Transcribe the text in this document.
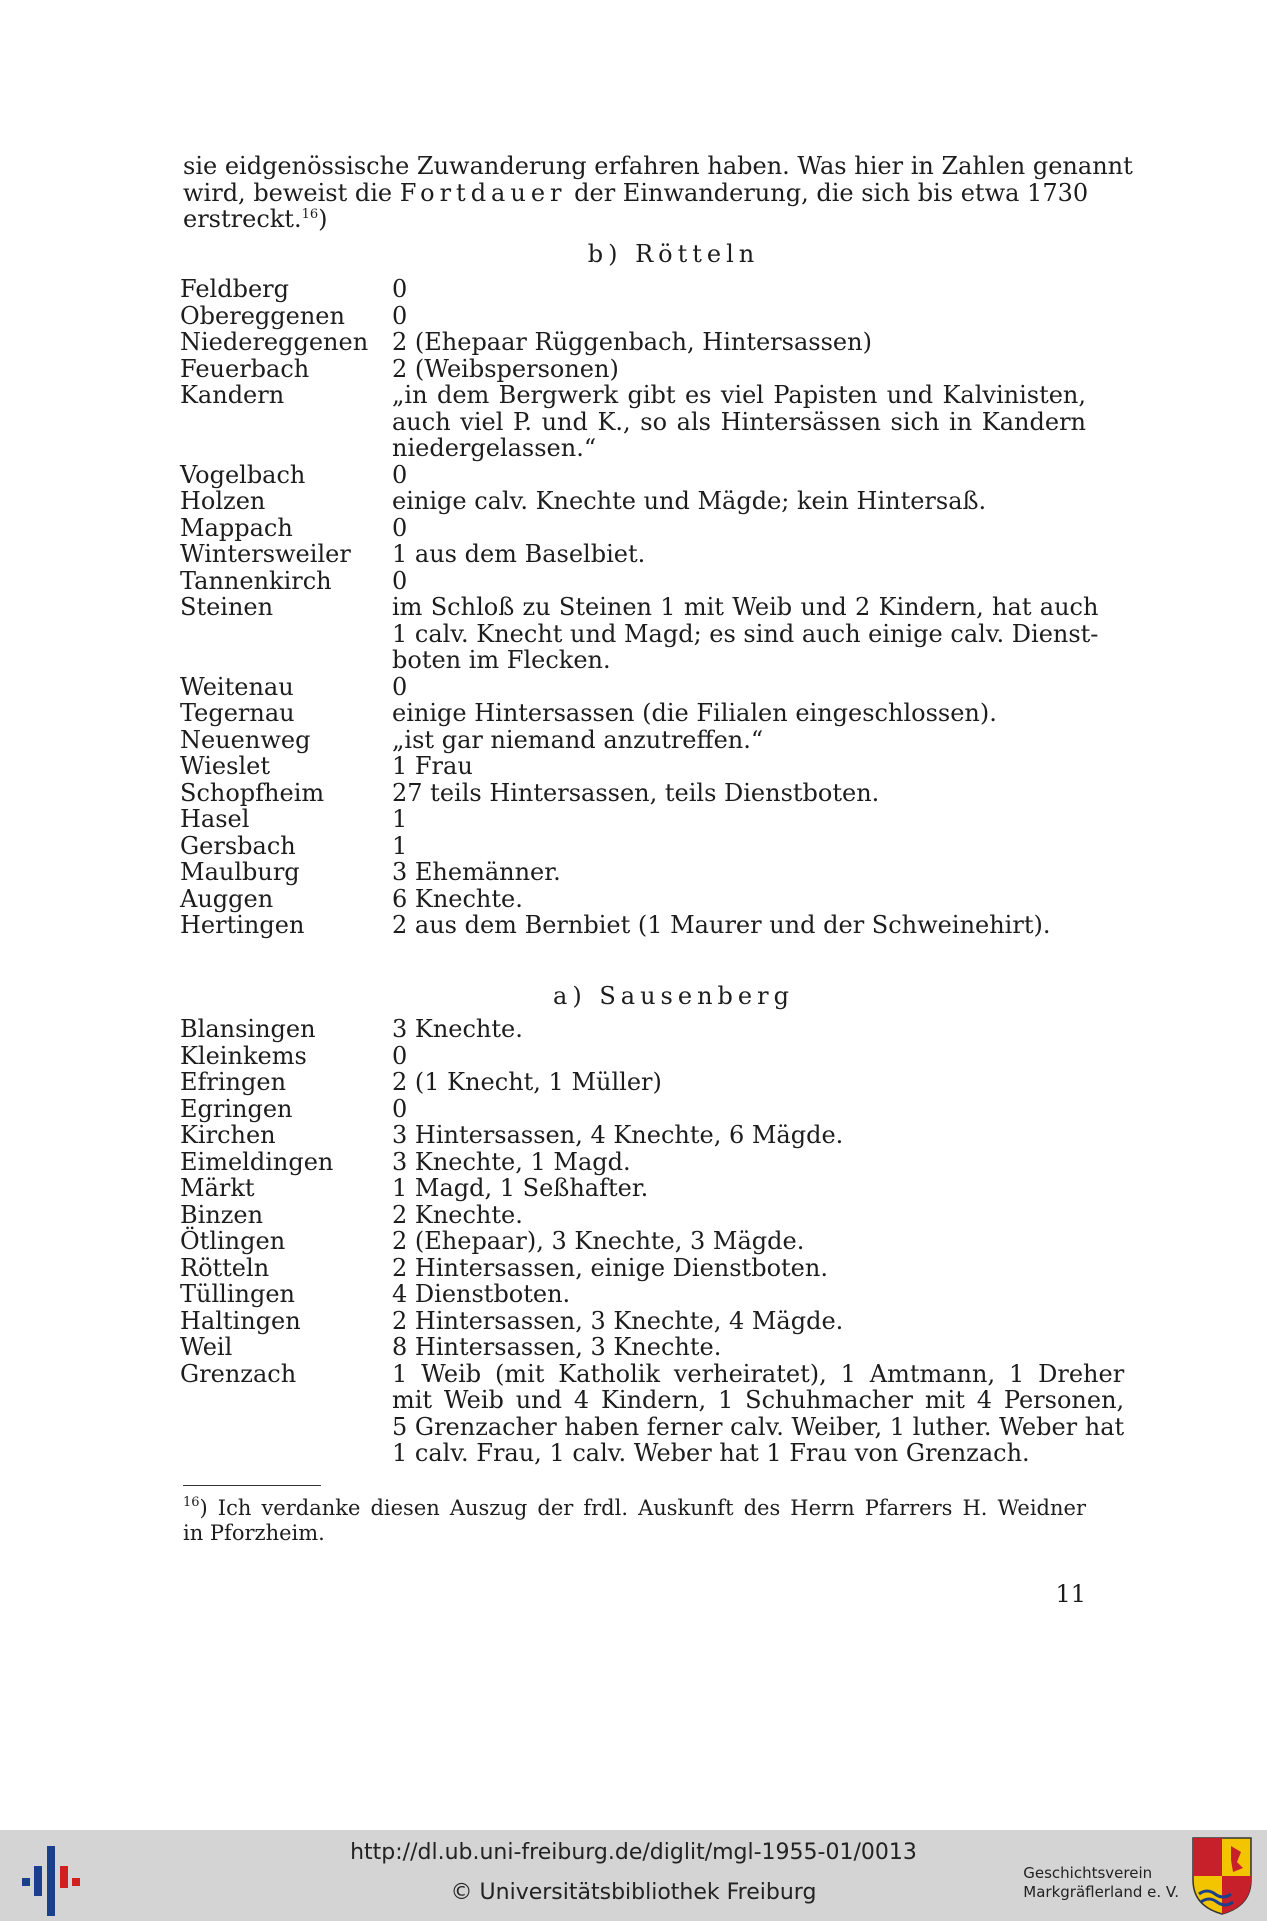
sie eidgenössische Zuwanderung erfahren haben. Was hier in Zahlen genannt
wird, beweist die Fortdauer der Einwanderung, die sich bis etwa 1730
erstreckt.$^{16}$)
b) Rötteln
Feldberg	0
Obereggenen	0
Niedereggenen 2 (Ehepaar Rüggenbach, Hintersassen)
Feuerbach	2 (Weibspersonen)
Kandern	„in dem Bergwerk gibt es viel Papisten und Kalvinisten,
auch viel P. und K., so als Hintersässen sich in Kandern
niedergelassen.“
Vogelbach	0
Holzen	einige calv. Knechte und Mägde; kein Hintersaß.
Mappach	0
Wintersweiler	1 aus dem Baselbiet.
Tannenkirch	0
Steinen	im Schloß zu Steinen 1 mit Weib und 2 Kindern, hat auch
1 calv. Knecht und Magd; es sind auch einige calv. Dienst-
boten im Flecken.
Weitenau	0
Tegernau	einige Hintersassen (die Filialen eingeschlossen).
Neuenweg	„ist gar niemand anzutreffen.“
Wieslet	1 Frau
Schopfheim	27 teils Hintersassen, teils Dienstboten.
Hasel	1
Gersbach	1
Maulburg	3 Ehemänner.
Auggen	6 Knechte.
Hertingen	2 aus dem Bernbiet (1 Maurer und der Schweinehirt).
a) Sausenberg
Blansingen	3 Knechte.
Kleinkems	0
Efringen	2 (1 Knecht, 1 Müller)
Egringen	0
Kirchen	3 Hintersassen, 4 Knechte, 6 Mägde.
Eimeldingen	3 Knechte, 1 Magd.
Märkt	1 Magd, 1 Seßhafter.
Binzen	2 Knechte.
Ötlingen	2 (Ehepaar), 3 Knechte, 3 Mägde.
Rötteln	2 Hintersassen, einige Dienstboten.
Tüllingen	4 Dienstboten.
Haltingen	2 Hintersassen, 3 Knechte, 4 Mägde.
Weil	8 Hintersassen, 3 Knechte.
Grenzach	1 Weib (mit Katholik verheiratet), 1 Amtmann, 1 Dreher
mit Weib und 4 Kindern, 1 Schuhmacher mit 4 Personen,
5 Grenzacher haben ferner calv. Weiber, 1 luther. Weber hat
1 calv. Frau, 1 calv. Weber hat 1 Frau von Grenzach.
$^{16}$) Ich verdanke diesen Auszug der frdl. Auskunft des Herrn Pfarrers H. Weidner
in Pforzheim.
11
http://dl.ub.uni-freiburg.de/diglit/mgl-1955-01/0013
© Universitätsbibliothek Freiburg
Geschichtsverein
Markgräflerland e. V.
